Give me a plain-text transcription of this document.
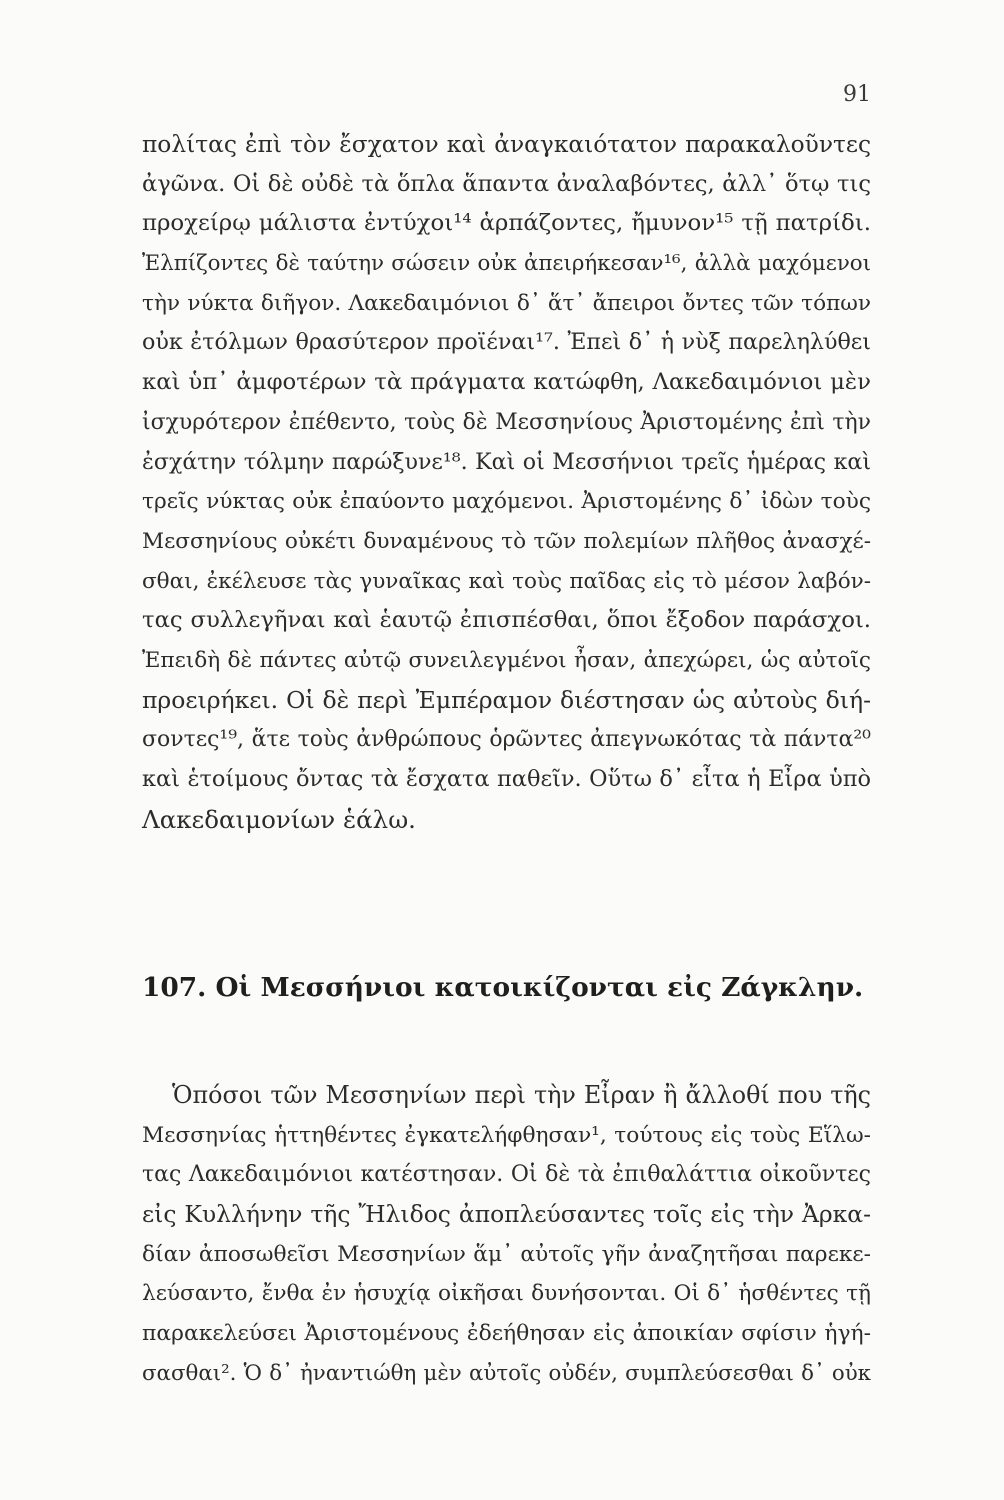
91
πολίτας ἐπὶ τὸν ἔσχατον καὶ ἀναγκαιότατον παρακαλοῦντες
ἀγῶνα. Οἱ δὲ οὐδὲ τὰ ὅπλα ἅπαντα ἀναλαβόντες, ἀλλ᾽ ὅτῳ τις
προχείρῳ μάλιστα ἐντύχοι¹⁴ ἁρπάζοντες, ἤμυνον¹⁵ τῇ πατρίδι.
Ἐλπίζοντες δὲ ταύτην σώσειν οὐκ ἀπειρήκεσαν¹⁶, ἀλλὰ μαχόμενοι
τὴν νύκτα διῆγον. Λακεδαιμόνιοι δ᾽ ἅτ᾽ ἄπειροι ὄντες τῶν τόπων
οὐκ ἐτόλμων θρασύτερον προϊέναι¹⁷. Ἐπεὶ δ᾽ ἡ νὺξ παρεληλύθει
καὶ ὑπ᾽ ἀμφοτέρων τὰ πράγματα κατώφθη, Λακεδαιμόνιοι μὲν
ἰσχυρότερον ἐπέθεντο, τοὺς δὲ Μεσσηνίους Ἀριστομένης ἐπὶ τὴν
ἐσχάτην τόλμην παρώξυνε¹⁸. Καὶ οἱ Μεσσήνιοι τρεῖς ἡμέρας καὶ
τρεῖς νύκτας οὐκ ἐπαύοντο μαχόμενοι. Ἀριστομένης δ᾽ ἰδὼν τοὺς
Μεσσηνίους οὐκέτι δυναμένους τὸ τῶν πολεμίων πλῆθος ἀνασχέ-
σθαι, ἐκέλευσε τὰς γυναῖκας καὶ τοὺς παῖδας εἰς τὸ μέσον λαβόν-
τας συλλεγῆναι καὶ ἑαυτῷ ἐπισπέσθαι, ὅποι ἔξοδον παράσχοι.
Ἐπειδὴ δὲ πάντες αὐτῷ συνειλεγμένοι ἦσαν, ἀπεχώρει, ὡς αὐτοῖς
προειρήκει. Οἱ δὲ περὶ Ἐμπέραμον διέστησαν ὡς αὐτοὺς διή-
σοντες¹⁹, ἅτε τοὺς ἀνθρώπους ὁρῶντες ἀπεγνωκότας τὰ πάντα²⁰
καὶ ἑτοίμους ὄντας τὰ ἔσχατα παθεῖν. Οὕτω δ᾽ εἶτα ἡ Εἶρα ὑπὸ
Λακεδαιμονίων ἑάλω.
107. Οἱ Μεσσήνιοι κατοικίζονται εἰς Ζάγκλην.
Ὁπόσοι τῶν Μεσσηνίων περὶ τὴν Εἶραν ἢ ἄλλοθί που τῆς
Μεσσηνίας ἡττηθέντες ἐγκατελήφθησαν¹, τούτους εἰς τοὺς Εἵλω-
τας Λακεδαιμόνιοι κατέστησαν. Οἱ δὲ τὰ ἐπιθαλάττια οἰκοῦντες
εἰς Κυλλήνην τῆς Ἤλιδος ἀποπλεύσαντες τοῖς εἰς τὴν Ἀρκα-
δίαν ἀποσωθεῖσι Μεσσηνίων ἅμ᾽ αὐτοῖς γῆν ἀναζητῆσαι παρεκε-
λεύσαντο, ἔνθα ἐν ἡσυχίᾳ οἰκῆσαι δυνήσονται. Οἱ δ᾽ ἡσθέντες τῇ
παρακελεύσει Ἀριστομένους ἐδεήθησαν εἰς ἀποικίαν σφίσιν ἡγή-
σασθαι². Ὁ δ᾽ ἠναντιώθη μὲν αὐτοῖς οὐδέν, συμπλεύσεσθαι δ᾽ οὐκ
